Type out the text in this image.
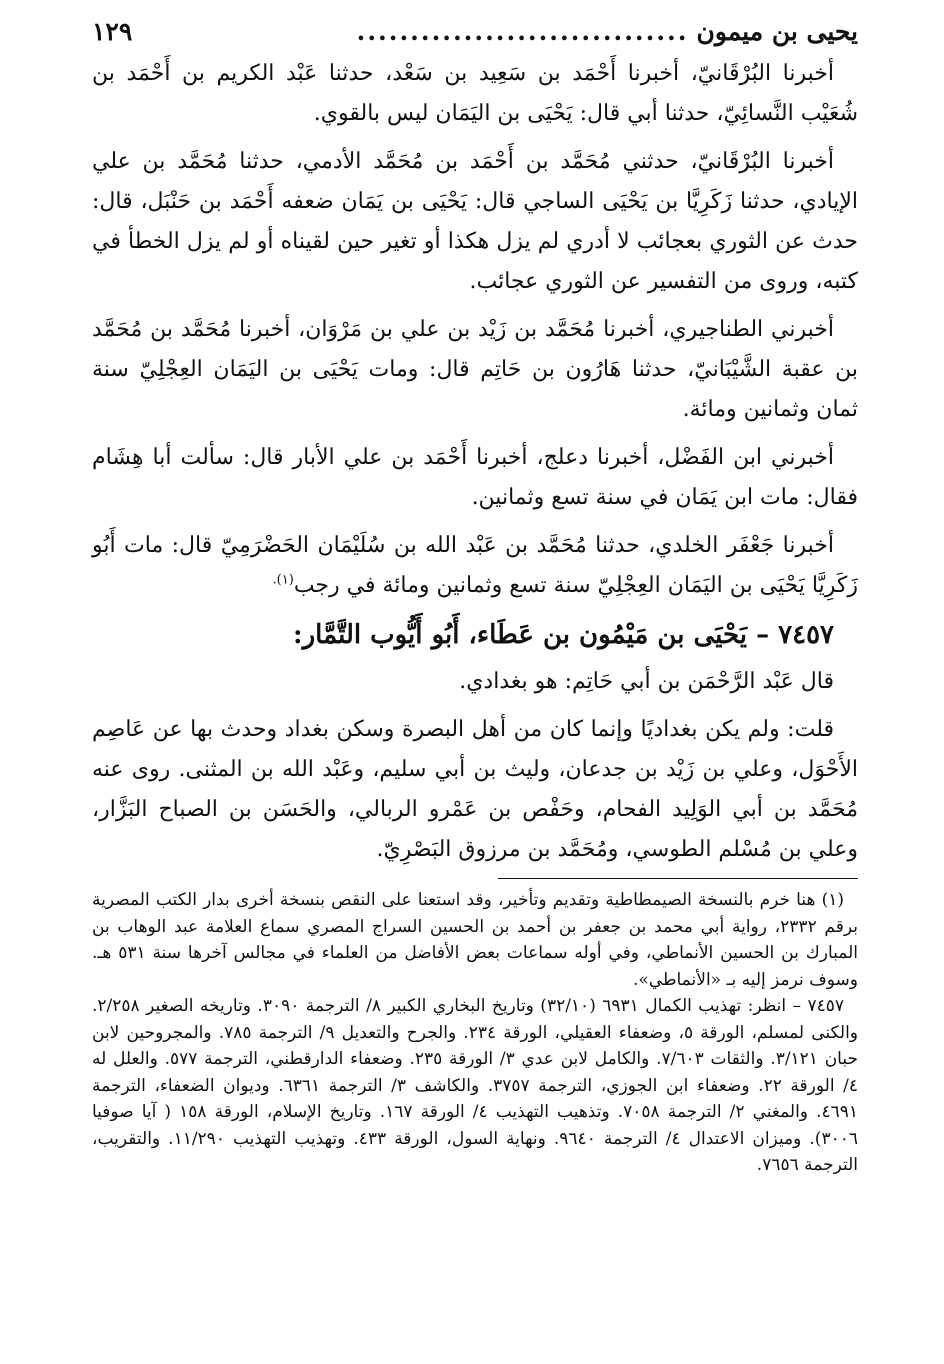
يحيى بن ميمون
...............................
١٢٩

أخبرنا البُرْقَانيّ، أخبرنا أَحْمَد بن سَعِيد بن سَعْد، حدثنا عَبْد الكريم بن أَحْمَد بن شُعَيْب النَّسائِيّ، حدثنا أبي قال: يَحْيَى بن اليَمَان ليس بالقوي.

أخبرنا البُرْقَانيّ، حدثني مُحَمَّد بن أَحْمَد بن مُحَمَّد الأدمي، حدثنا مُحَمَّد بن علي الإيادي، حدثنا زَكَرِيَّا بن يَحْيَى الساجي قال: يَحْيَى بن يَمَان ضعفه أَحْمَد بن حَنْبَل، قال: حدث عن الثوري بعجائب لا أدري لم يزل هكذا أو تغير حين لقيناه أو لم يزل الخطأ في كتبه، وروى من التفسير عن الثوري عجائب.

أخبرني الطناجيري، أخبرنا مُحَمَّد بن زَيْد بن علي بن مَرْوَان، أخبرنا مُحَمَّد بن مُحَمَّد بن عقبة الشَّيْبَانيّ، حدثنا هَارُون بن حَاتِم قال: ومات يَحْيَى بن اليَمَان العِجْلِيّ سنة ثمان وثمانين ومائة.

أخبرني ابن الفَضْل، أخبرنا دعلج، أخبرنا أَحْمَد بن علي الأبار قال: سألت أبا هِشَام فقال: مات ابن يَمَان في سنة تسع وثمانين.

أخبرنا جَعْفَر الخلدي، حدثنا مُحَمَّد بن عَبْد الله بن سُلَيْمَان الحَضْرَمِيّ قال: مات أَبُو زَكَرِيَّا يَحْيَى بن اليَمَان العِجْلِيّ سنة تسع وثمانين ومائة في رجب$^{(١).}$

٧٤٥٧ – يَحْيَى بن مَيْمُون بن عَطَاء، أَبُو أَيُّوب التَّمَّار:

قال عَبْد الرَّحْمَن بن أبي حَاتِم: هو بغدادي.

قلت: ولم يكن بغداديًا وإنما كان من أهل البصرة وسكن بغداد وحدث بها عن عَاصِم الأَحْوَل، وعلي بن زَيْد بن جدعان، وليث بن أبي سليم، وعَبْد الله بن المثنى. روى عنه مُحَمَّد بن أبي الوَلِيد الفحام، وحَفْص بن عَمْرو الربالي، والحَسَن بن الصباح البَزَّار، وعلي بن مُسْلم الطوسي، ومُحَمَّد بن مرزوق البَصْرِيّ.

(١) هنا خرم بالنسخة الصيمطاطية وتقديم وتأخير، وقد استعنا على النقص بنسخة أخرى بدار الكتب المصرية برقم ٢٣٣٢، رواية أبي محمد بن جعفر بن أحمد بن الحسين السراج المصري سماع العلامة عبد الوهاب بن المبارك بن الحسين الأنماطي، وفي أوله سماعات بعض الأفاضل من العلماء في مجالس آخرها سنة ٥٣١ هـ. وسوف نرمز إليه بـ «الأنماطي».

٧٤٥٧ – انظر: تهذيب الكمال ٦٩٣١ (٣٢/١٠) وتاريخ البخاري الكبير ٨/ الترجمة ٣٠٩٠. وتاريخه الصغير ٢/٢٥٨. والكنى لمسلم، الورقة ٥، وضعفاء العقيلي، الورقة ٢٣٤. والجرح والتعديل ٩/ الترجمة ٧٨٥. والمجروحين لابن حبان ٣/١٢١. والثقات ٧/٦٠٣. والكامل لابن عدي ٣/ الورقة ٢٣٥. وضعفاء الدارقطني، الترجمة ٥٧٧. والعلل له ٤/ الورقة ٢٢. وضعفاء ابن الجوزي، الترجمة ٣٧٥٧. والكاشف ٣/ الترجمة ٦٣٦١. وديوان الضعفاء، الترجمة ٤٦٩١. والمغني ٢/ الترجمة ٧٠٥٨. وتذهيب التهذيب ٤/ الورقة ١٦٧. وتاريخ الإسلام، الورقة ١٥٨ ( آيا صوفيا ٣٠٠٦). وميزان الاعتدال ٤/ الترجمة ٩٦٤٠. ونهاية السول، الورقة ٤٣٣. وتهذيب التهذيب ١١/٢٩٠. والتقريب، الترجمة ٧٦٥٦.
